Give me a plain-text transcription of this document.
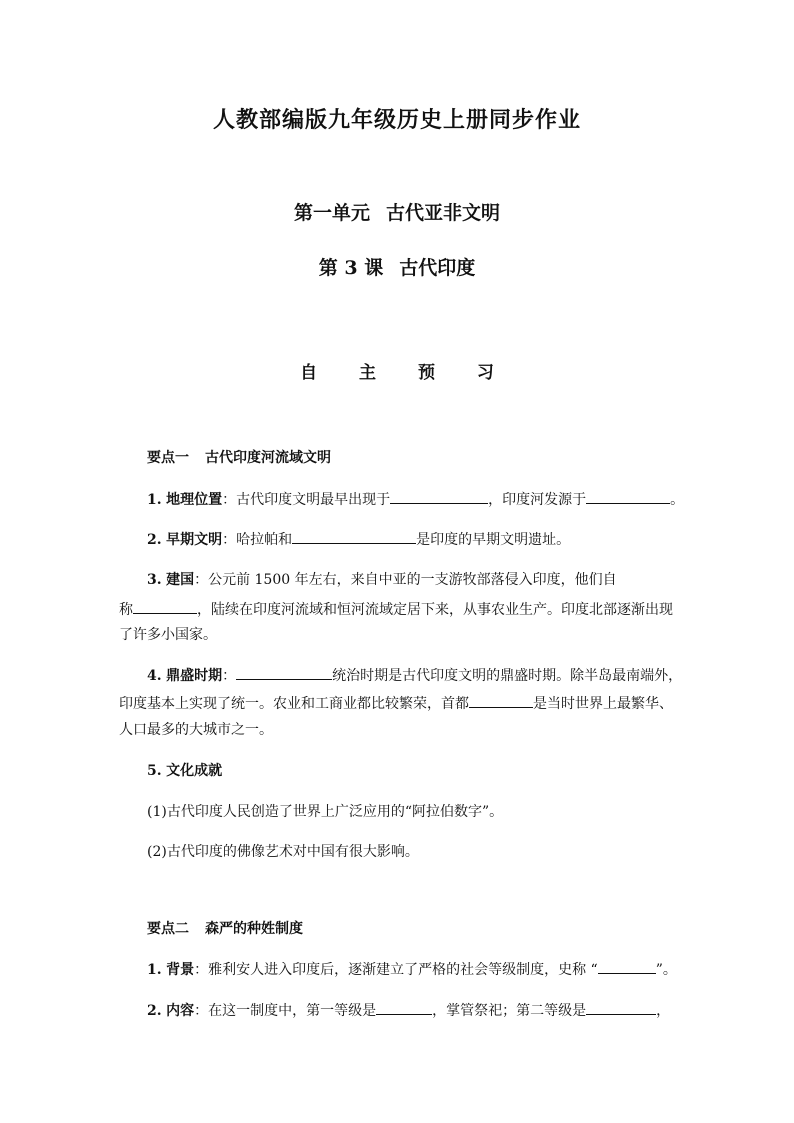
人教部编版九年级历史上册同步作业
第一单元 古代亚非文明
第 3 课 古代印度
自 主 预 习
要点一 古代印度河流域文明
1. 地理位置：古代印度文明最早出现于	，印度河发源于	。
2. 早期文明：哈拉帕和	是印度的早期文明遗址。
3. 建国：公元前 1500 年左右，来自中亚的一支游牧部落侵入印度，他们自
称	，陆续在印度河流域和恒河流域定居下来，从事农业生产。印度北部逐渐出现
了许多小国家。
4. 鼎盛时期：	统治时期是古代印度文明的鼎盛时期。除半岛最南端外，
印度基本上实现了统一。农业和工商业都比较繁荣，首都	是当时世界上最繁华、
人口最多的大城市之一。
5. 文化成就
(1)古代印度人民创造了世界上广泛应用的“阿拉伯数字”。
(2)古代印度的佛像艺术对中国有很大影响。
要点二 森严的种姓制度
1. 背景：雅利安人进入印度后，逐渐建立了严格的社会等级制度，史称 “	”。
2. 内容：在这一制度中，第一等级是	，掌管祭祀；第二等级是	，
